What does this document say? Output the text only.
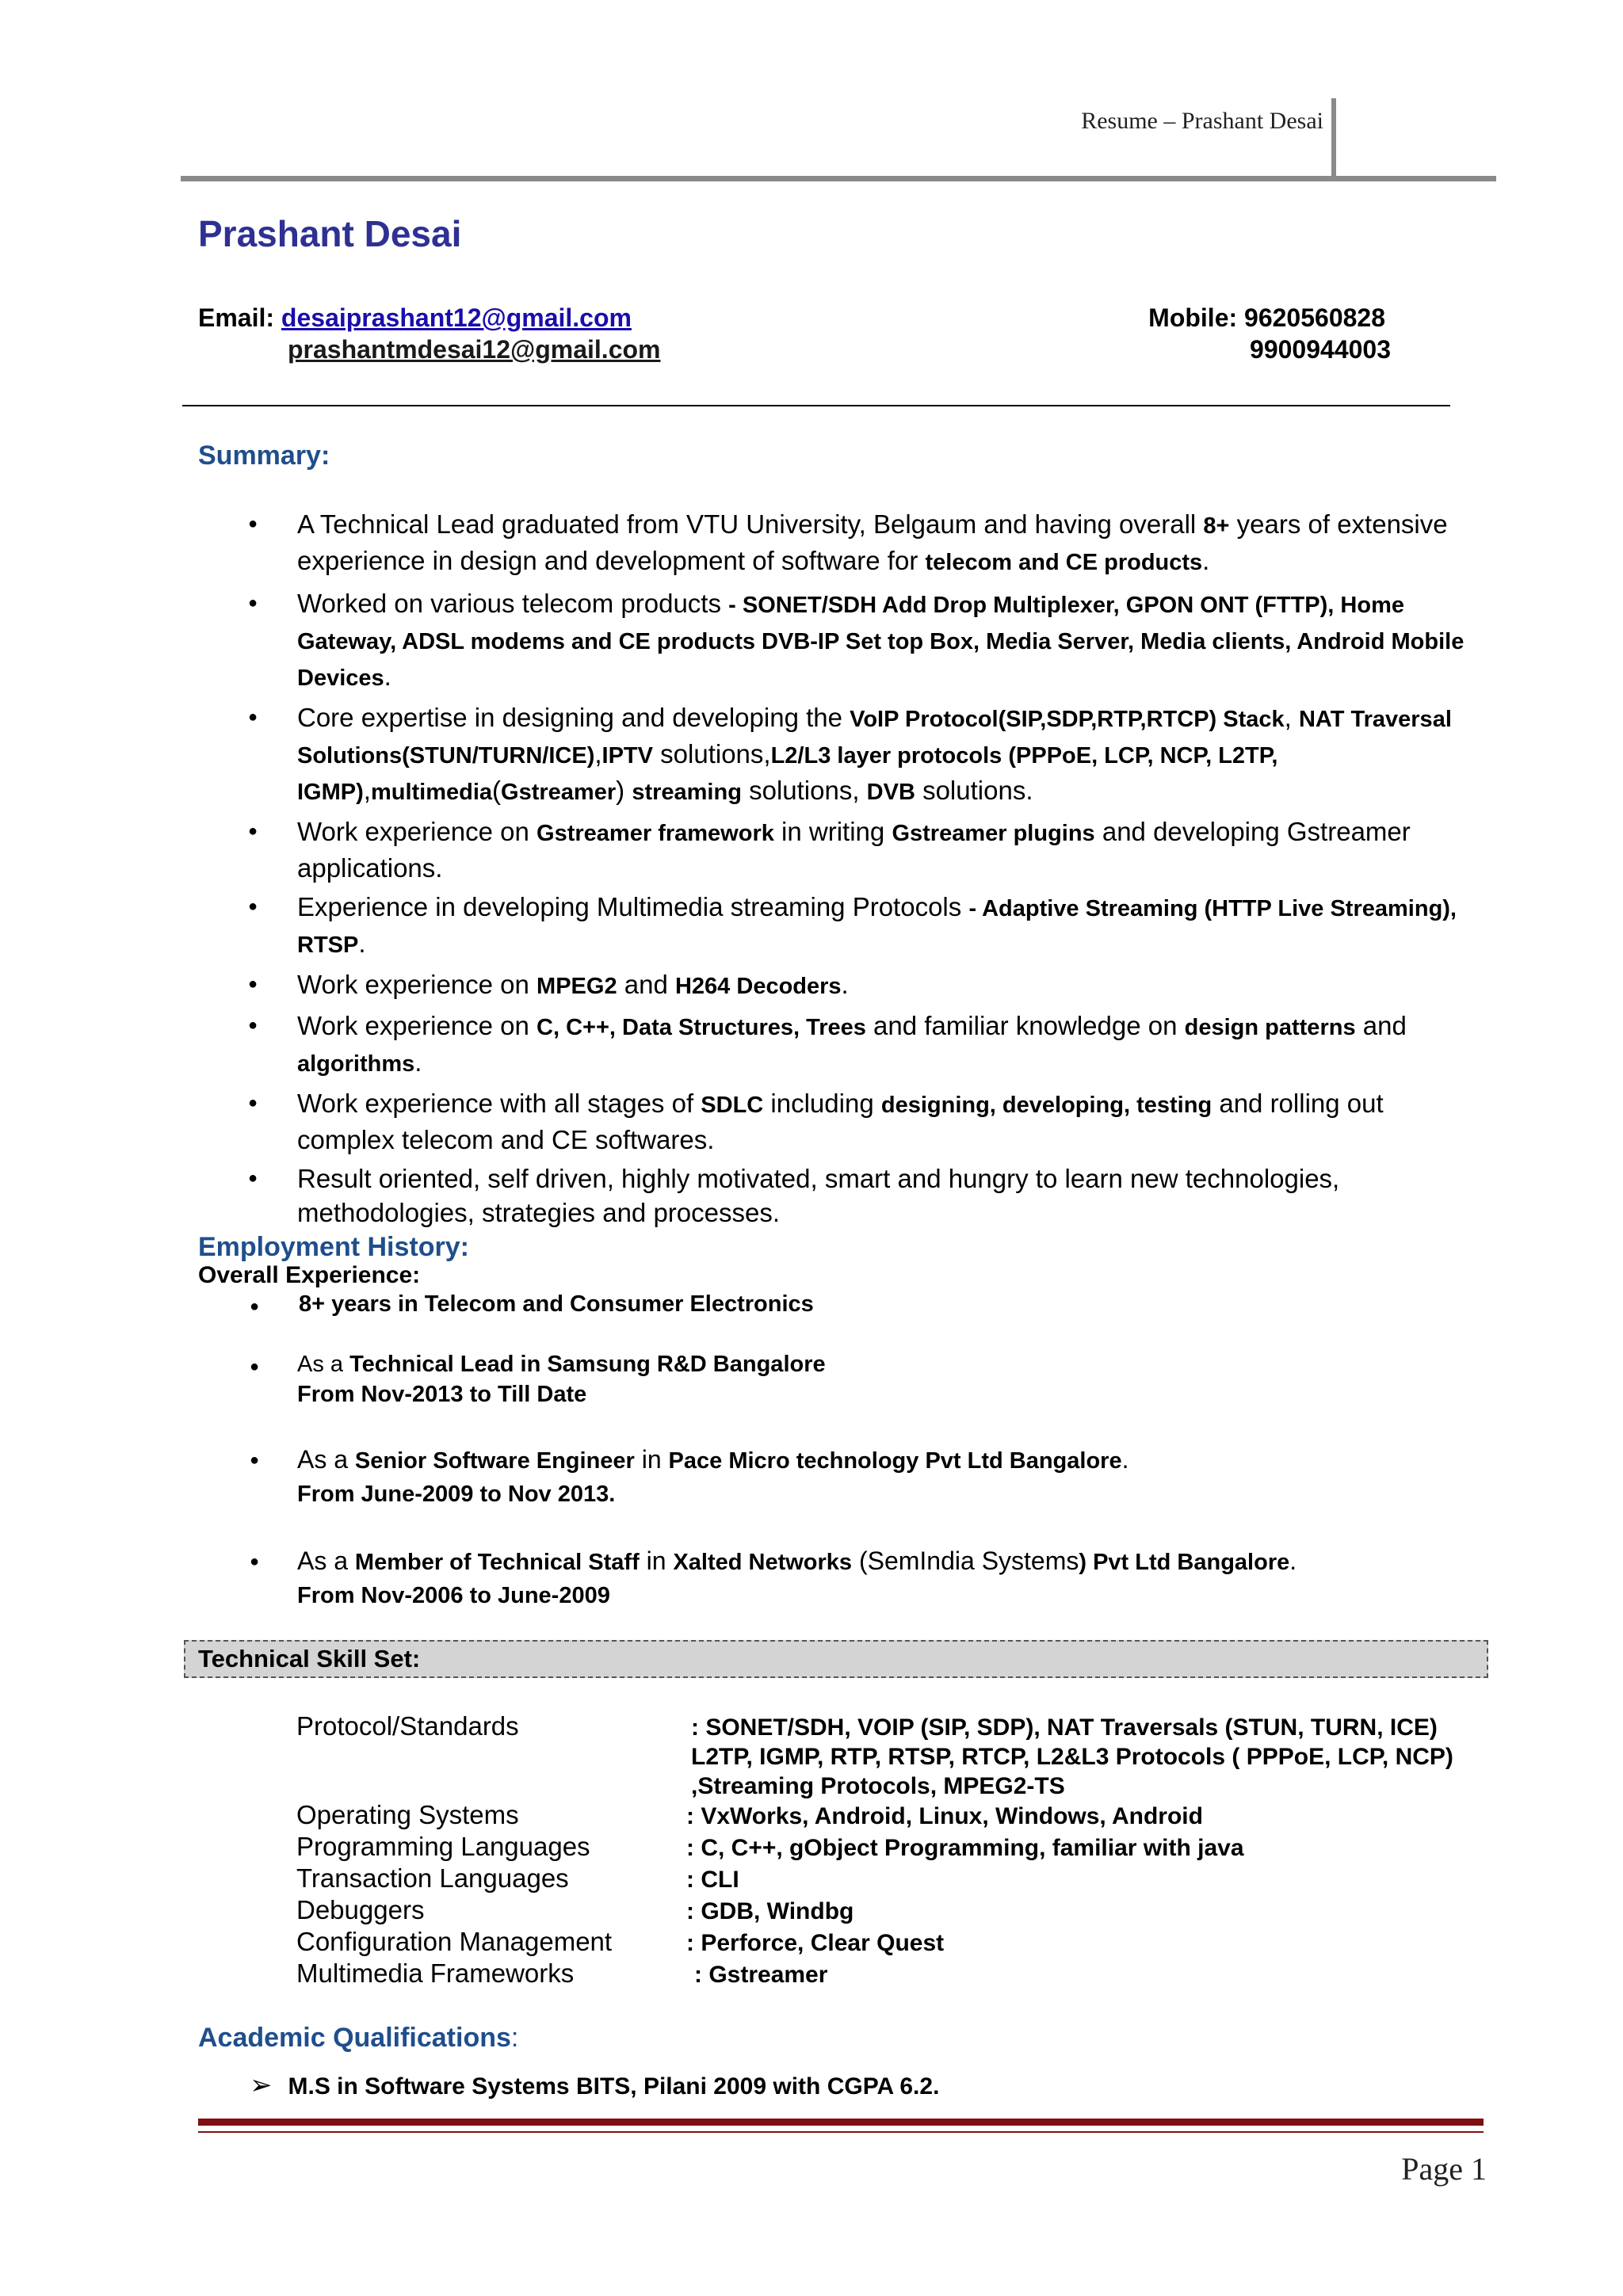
Resume – Prashant Desai
Prashant Desai
Email: desaiprashant12@gmail.com
prashantmdesai12@gmail.com
Mobile: 9620560828
9900944003
Summary:
● A Technical Lead graduated from VTU University, Belgaum and having overall 8+ years of extensive experience in design and development of software for telecom and CE products.
● Worked on various telecom products - SONET/SDH Add Drop Multiplexer, GPON ONT (FTTP), Home Gateway, ADSL modems and CE products DVB-IP Set top Box, Media Server, Media clients, Android Mobile Devices.
● Core expertise in designing and developing the VoIP Protocol(SIP,SDP,RTP,RTCP) Stack, NAT Traversal Solutions(STUN/TURN/ICE),IPTV solutions,L2/L3 layer protocols (PPPoE, LCP, NCP, L2TP, IGMP),multimedia(Gstreamer) streaming solutions, DVB solutions.
● Work experience on Gstreamer framework in writing Gstreamer plugins and developing Gstreamer applications.
● Experience in developing Multimedia streaming Protocols - Adaptive Streaming (HTTP Live Streaming), RTSP.
● Work experience on MPEG2 and H264 Decoders.
● Work experience on C, C++, Data Structures, Trees and familiar knowledge on design patterns and algorithms.
● Work experience with all stages of SDLC including designing, developing, testing and rolling out complex telecom and CE softwares.
● Result oriented, self driven, highly motivated, smart and hungry to learn new technologies, methodologies, strategies and processes.
Employment History:
Overall Experience:
● 8+ years in Telecom and Consumer Electronics
● As a Technical Lead in Samsung R&D Bangalore
From Nov-2013 to Till Date
● As a Senior Software Engineer in Pace Micro technology Pvt Ltd Bangalore.
From June-2009 to Nov 2013.
● As a Member of Technical Staff in Xalted Networks (SemIndia Systems) Pvt Ltd Bangalore.
From Nov-2006 to June-2009
Technical Skill Set:
Protocol/Standards	: SONET/SDH, VOIP (SIP, SDP), NAT Traversals (STUN, TURN, ICE) L2TP, IGMP, RTP, RTSP, RTCP, L2&L3 Protocols ( PPPoE, LCP, NCP) ,Streaming Protocols, MPEG2-TS
Operating Systems	: VxWorks, Android, Linux, Windows, Android
Programming Languages	: C, C++, gObject Programming, familiar with java
Transaction Languages	: CLI
Debuggers	: GDB, Windbg
Configuration Management	: Perforce, Clear Quest
Multimedia Frameworks	: Gstreamer
Academic Qualifications:
➢ M.S in Software Systems BITS, Pilani 2009 with CGPA 6.2.
Page 1
